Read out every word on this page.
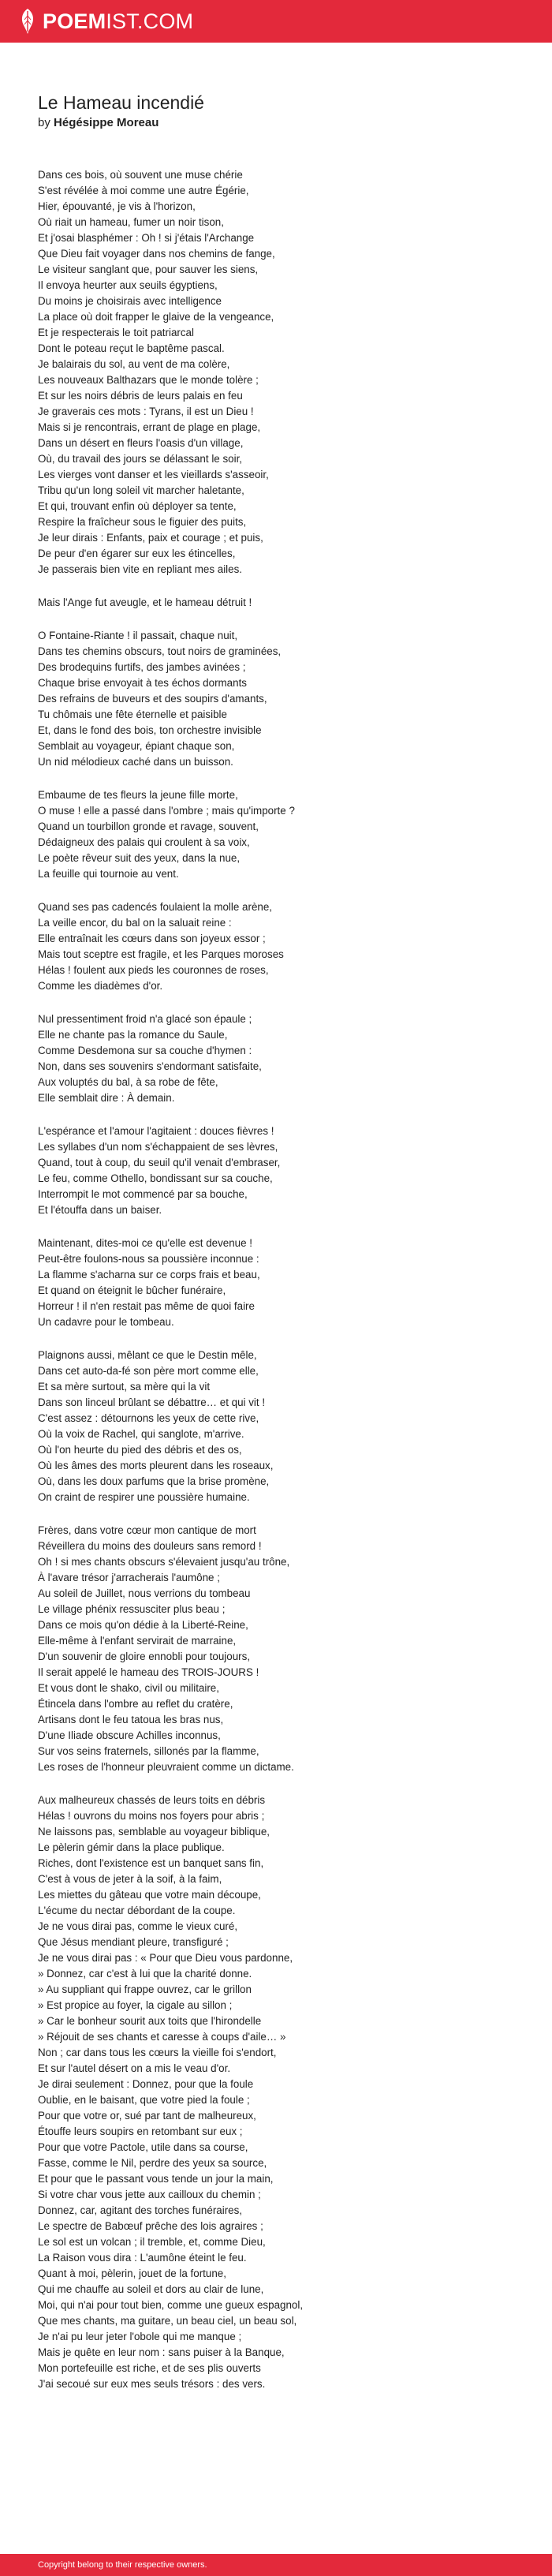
POEMIST.COM
Le Hameau incendié
by Hégésippe Moreau
Dans ces bois, où souvent une muse chérie
S'est révélée à moi comme une autre Égérie,
Hier, épouvanté, je vis à l'horizon,
Où riait un hameau, fumer un noir tison,
Et j'osai blasphémer : Oh ! si j'étais l'Archange
Que Dieu fait voyager dans nos chemins de fange,
Le visiteur sanglant que, pour sauver les siens,
Il envoya heurter aux seuils égyptiens,
Du moins je choisirais avec intelligence
La place où doit frapper le glaive de la vengeance,
Et je respecterais le toit patriarcal
Dont le poteau reçut le baptême pascal.
Je balairais du sol, au vent de ma colère,
Les nouveaux Balthazars que le monde tolère ;
Et sur les noirs débris de leurs palais en feu
Je graverais ces mots : Tyrans, il est un Dieu !
Mais si je rencontrais, errant de plage en plage,
Dans un désert en fleurs l'oasis d'un village,
Où, du travail des jours se délassant le soir,
Les vierges vont danser et les vieillards s'asseoir,
Tribu qu'un long soleil vit marcher haletante,
Et qui, trouvant enfin où déployer sa tente,
Respire la fraîcheur sous le figuier des puits,
Je leur dirais : Enfants, paix et courage ; et puis,
De peur d'en égarer sur eux les étincelles,
Je passerais bien vite en repliant mes ailes.
Mais l'Ange fut aveugle, et le hameau détruit !
O Fontaine-Riante ! il passait, chaque nuit,
Dans tes chemins obscurs, tout noirs de graminées,
Des brodequins furtifs, des jambes avinées ;
Chaque brise envoyait à tes échos dormants
Des refrains de buveurs et des soupirs d'amants,
Tu chômais une fête éternelle et paisible
Et, dans le fond des bois, ton orchestre invisible
Semblait au voyageur, épiant chaque son,
Un nid mélodieux caché dans un buisson.
Embaume de tes fleurs la jeune fille morte,
O muse ! elle a passé dans l'ombre ; mais qu'importe ?
Quand un tourbillon gronde et ravage, souvent,
Dédaigneux des palais qui croulent à sa voix,
Le poète rêveur suit des yeux, dans la nue,
La feuille qui tournoie au vent.
Quand ses pas cadencés foulaient la molle arène,
La veille encor, du bal on la saluait reine :
Elle entraînait les cœurs dans son joyeux essor ;
Mais tout sceptre est fragile, et les Parques moroses
Hélas ! foulent aux pieds les couronnes de roses,
Comme les diadèmes d'or.
Nul pressentiment froid n'a glacé son épaule ;
Elle ne chante pas la romance du Saule,
Comme Desdemona sur sa couche d'hymen :
Non, dans ses souvenirs s'endormant satisfaite,
Aux voluptés du bal, à sa robe de fête,
Elle semblait dire : À demain.
L'espérance et l'amour l'agitaient : douces fièvres !
Les syllabes d'un nom s'échappaient de ses lèvres,
Quand, tout à coup, du seuil qu'il venait d'embraser,
Le feu, comme Othello, bondissant sur sa couche,
Interrompit le mot commencé par sa bouche,
Et l'étouffa dans un baiser.
Maintenant, dites-moi ce qu'elle est devenue !
Peut-être foulons-nous sa poussière inconnue :
La flamme s'acharna sur ce corps frais et beau,
Et quand on éteignit le bûcher funéraire,
Horreur ! il n'en restait pas même de quoi faire
Un cadavre pour le tombeau.
Plaignons aussi, mêlant ce que le Destin mêle,
Dans cet auto-da-fé son père mort comme elle,
Et sa mère surtout, sa mère qui la vit
Dans son linceul brûlant se débattre… et qui vit !
C'est assez : détournons les yeux de cette rive,
Où la voix de Rachel, qui sanglote, m'arrive.
Où l'on heurte du pied des débris et des os,
Où les âmes des morts pleurent dans les roseaux,
Où, dans les doux parfums que la brise promène,
On craint de respirer une poussière humaine.
Frères, dans votre cœur mon cantique de mort
Réveillera du moins des douleurs sans remord !
Oh ! si mes chants obscurs s'élevaient jusqu'au trône,
À l'avare trésor j'arracherais l'aumône ;
Au soleil de Juillet, nous verrions du tombeau
Le village phénix ressusciter plus beau ;
Dans ce mois qu'on dédie à la Liberté-Reine,
Elle-même à l'enfant servirait de marraine,
D'un souvenir de gloire ennobli pour toujours,
Il serait appelé le hameau des TROIS-JOURS !
Et vous dont le shako, civil ou militaire,
Étincela dans l'ombre au reflet du cratère,
Artisans dont le feu tatoua les bras nus,
D'une Iliade obscure Achilles inconnus,
Sur vos seins fraternels, sillonés par la flamme,
Les roses de l'honneur pleuvraient comme un dictame.
Aux malheureux chassés de leurs toits en débris
Hélas ! ouvrons du moins nos foyers pour abris ;
Ne laissons pas, semblable au voyageur biblique,
Le pèlerin gémir dans la place publique.
Riches, dont l'existence est un banquet sans fin,
C'est à vous de jeter à la soif, à la faim,
Les miettes du gâteau que votre main découpe,
L'écume du nectar débordant de la coupe.
Je ne vous dirai pas, comme le vieux curé,
Que Jésus mendiant pleure, transfiguré ;
Je ne vous dirai pas : « Pour que Dieu vous pardonne,
» Donnez, car c'est à lui que la charité donne.
» Au suppliant qui frappe ouvrez, car le grillon
» Est propice au foyer, la cigale au sillon ;
» Car le bonheur sourit aux toits que l'hirondelle
» Réjouit de ses chants et caresse à coups d'aile… »
Non ; car dans tous les cœurs la vieille foi s'endort,
Et sur l'autel désert on a mis le veau d'or.
Je dirai seulement : Donnez, pour que la foule
Oublie, en le baisant, que votre pied la foule ;
Pour que votre or, sué par tant de malheureux,
Étouffe leurs soupirs en retombant sur eux ;
Pour que votre Pactole, utile dans sa course,
Fasse, comme le Nil, perdre des yeux sa source,
Et pour que le passant vous tende un jour la main,
Si votre char vous jette aux cailloux du chemin ;
Donnez, car, agitant des torches funéraires,
Le spectre de Babœuf prêche des lois agraires ;
Le sol est un volcan ; il tremble, et, comme Dieu,
La Raison vous dira : L'aumône éteint le feu.
Quant à moi, pèlerin, jouet de la fortune,
Qui me chauffe au soleil et dors au clair de lune,
Moi, qui n'ai pour tout bien, comme une gueux espagnol,
Que mes chants, ma guitare, un beau ciel, un beau sol,
Je n'ai pu leur jeter l'obole qui me manque ;
Mais je quête en leur nom : sans puiser à la Banque,
Mon portefeuille est riche, et de ses plis ouverts
J'ai secoué sur eux mes seuls trésors : des vers.
Copyright belong to their respective owners.
